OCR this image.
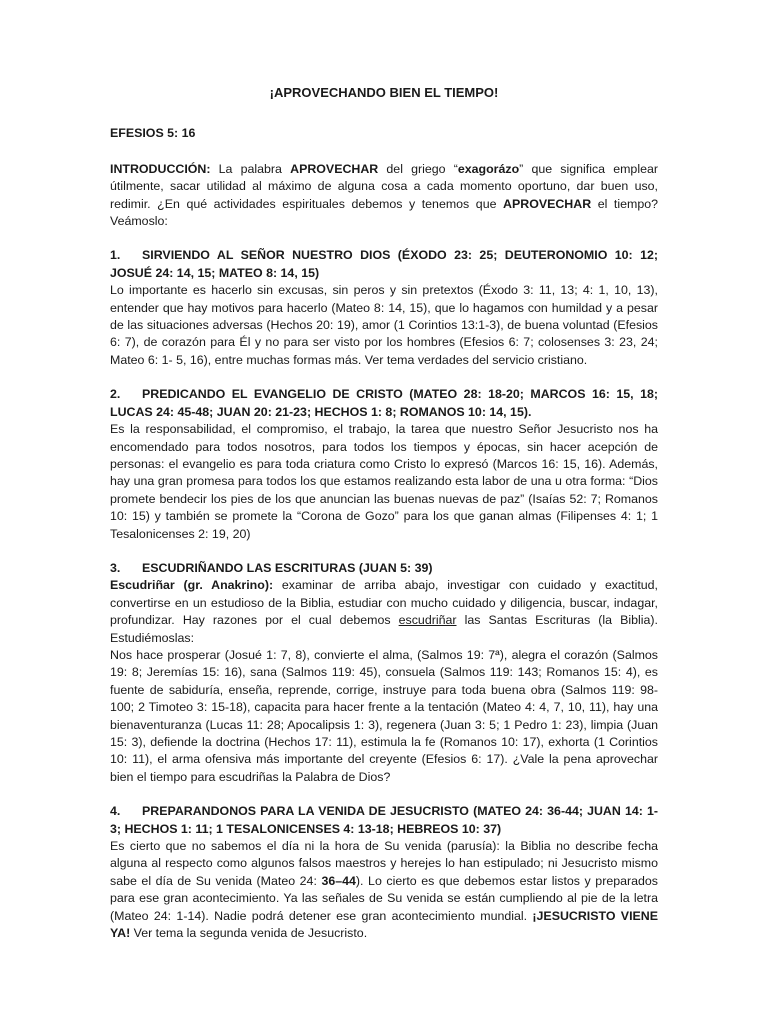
¡APROVECHANDO BIEN EL TIEMPO!
EFESIOS 5: 16

INTRODUCCIÓN: La palabra APROVECHAR del griego “exagorázo” que significa emplear útilmente, sacar utilidad al máximo de alguna cosa a cada momento oportuno, dar buen uso, redimir. ¿En qué actividades espirituales debemos y tenemos que APROVECHAR el tiempo? Veámoslo:

1. SIRVIENDO AL SEÑOR NUESTRO DIOS (ÉXODO 23: 25; DEUTERONOMIO 10: 12; JOSUÉ 24: 14, 15; MATEO 8: 14, 15)

Lo importante es hacerlo sin excusas, sin peros y sin pretextos (Éxodo 3: 11, 13; 4: 1, 10, 13), entender que hay motivos para hacerlo (Mateo 8: 14, 15), que lo hagamos con humildad y a pesar de las situaciones adversas (Hechos 20: 19), amor (1 Corintios 13:1-3), de buena voluntad (Efesios 6: 7), de corazón para Él y no para ser visto por los hombres (Efesios 6: 7; colosenses 3: 23, 24; Mateo 6: 1- 5, 16), entre muchas formas más. Ver tema verdades del servicio cristiano.

2. PREDICANDO EL EVANGELIO DE CRISTO (MATEO 28: 18-20; MARCOS 16: 15, 18; LUCAS 24: 45-48; JUAN 20: 21-23; HECHOS 1: 8; ROMANOS 10: 14, 15).

Es la responsabilidad, el compromiso, el trabajo, la tarea que nuestro Señor Jesucristo nos ha encomendado para todos nosotros, para todos los tiempos y épocas, sin hacer acepción de personas: el evangelio es para toda criatura como Cristo lo expresó (Marcos 16: 15, 16). Además, hay una gran promesa para todos los que estamos realizando esta labor de una u otra forma: “Dios promete bendecir los pies de los que anuncian las buenas nuevas de paz” (Isaías 52: 7; Romanos 10: 15) y también se promete la “Corona de Gozo” para los que ganan almas (Filipenses 4: 1; 1 Tesalonicenses 2: 19, 20)

3. ESCUDRIÑANDO LAS ESCRITURAS (JUAN 5: 39)

Escudriñar (gr. Anakrino): examinar de arriba abajo, investigar con cuidado y exactitud, convertirse en un estudioso de la Biblia, estudiar con mucho cuidado y diligencia, buscar, indagar, profundizar. Hay razones por el cual debemos escudriñar las Santas Escrituras (la Biblia). Estudiémoslas:

Nos hace prosperar (Josué 1: 7, 8), convierte el alma, (Salmos 19: 7ª), alegra el corazón (Salmos 19: 8; Jeremías 15: 16), sana (Salmos 119: 45), consuela (Salmos 119: 143; Romanos 15: 4), es fuente de sabiduría, enseña, reprende, corrige, instruye para toda buena obra (Salmos 119: 98-100; 2 Timoteo 3: 15-18), capacita para hacer frente a la tentación (Mateo 4: 4, 7, 10, 11), hay una bienaventuranza (Lucas 11: 28; Apocalipsis 1: 3), regenera (Juan 3: 5; 1 Pedro 1: 23), limpia (Juan 15: 3), defiende la doctrina (Hechos 17: 11), estimula la fe (Romanos 10: 17), exhorta (1 Corintios 10: 11), el arma ofensiva más importante del creyente (Efesios 6: 17). ¿Vale la pena aprovechar bien el tiempo para escudriñas la Palabra de Dios?

4. PREPARANDONOS PARA LA VENIDA DE JESUCRISTO (MATEO 24: 36-44; JUAN 14: 1-3; HECHOS 1: 11; 1 TESALONICENSES 4: 13-18; HEBREOS 10: 37)

Es cierto que no sabemos el día ni la hora de Su venida (parusía): la Biblia no describe fecha alguna al respecto como algunos falsos maestros y herejes lo han estipulado; ni Jesucristo mismo sabe el día de Su venida (Mateo 24: 36–44). Lo cierto es que debemos estar listos y preparados para ese gran acontecimiento. Ya las señales de Su venida se están cumpliendo al pie de la letra (Mateo 24: 1-14). Nadie podrá detener ese gran acontecimiento mundial. ¡JESUCRISTO VIENE YA! Ver tema la segunda venida de Jesucristo.
